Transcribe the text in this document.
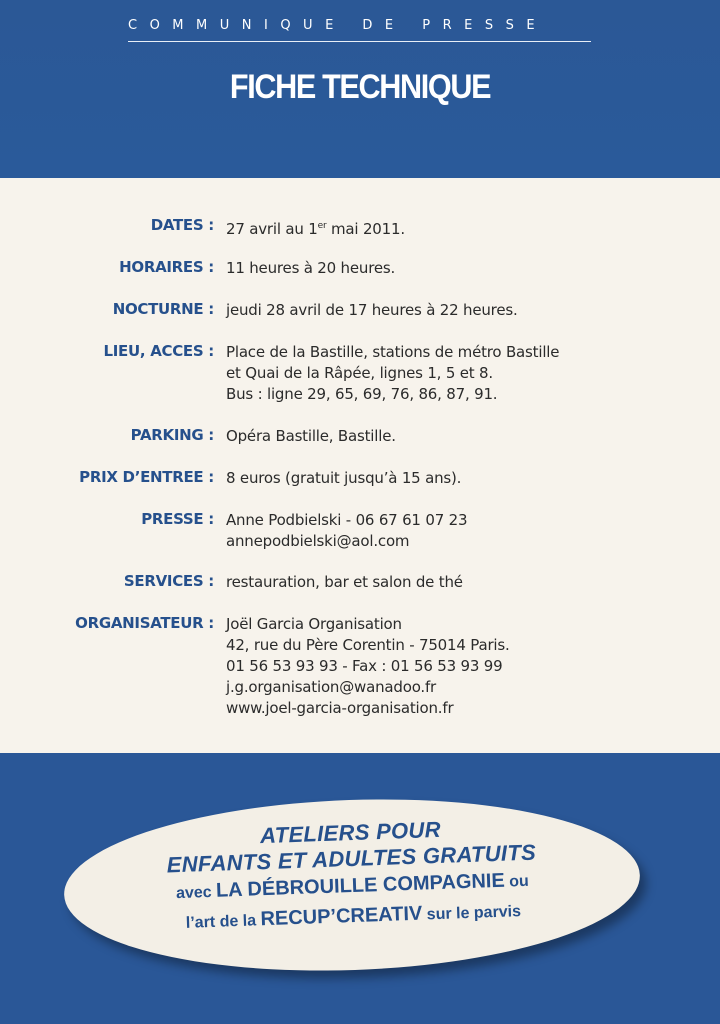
COMMUNIQUE DE PRESSE
FICHE TECHNIQUE
DATES : 27 avril au 1er mai 2011.
HORAIRES : 11 heures à 20 heures.
NOCTURNE : jeudi 28 avril de 17 heures à 22 heures.
LIEU, ACCES : Place de la Bastille, stations de métro Bastille
et Quai de la Râpée, lignes 1, 5 et 8.
Bus : ligne 29, 65, 69, 76, 86, 87, 91.
PARKING : Opéra Bastille, Bastille.
PRIX D’ENTREE : 8 euros (gratuit jusqu’à 15 ans).
PRESSE : Anne Podbielski - 06 67 61 07 23
annepodbielski@aol.com
SERVICES : restauration, bar et salon de thé
ORGANISATEUR : Joël Garcia Organisation
42, rue du Père Corentin - 75014 Paris.
01 56 53 93 93 - Fax : 01 56 53 93 99
j.g.organisation@wanadoo.fr
www.joel-garcia-organisation.fr
ATELIERS POUR
ENFANTS ET ADULTES GRATUITS
avec LA DÉBROUILLE COMPAGNIE ou
l’art de la RECUP’CREATIV sur le parvis
